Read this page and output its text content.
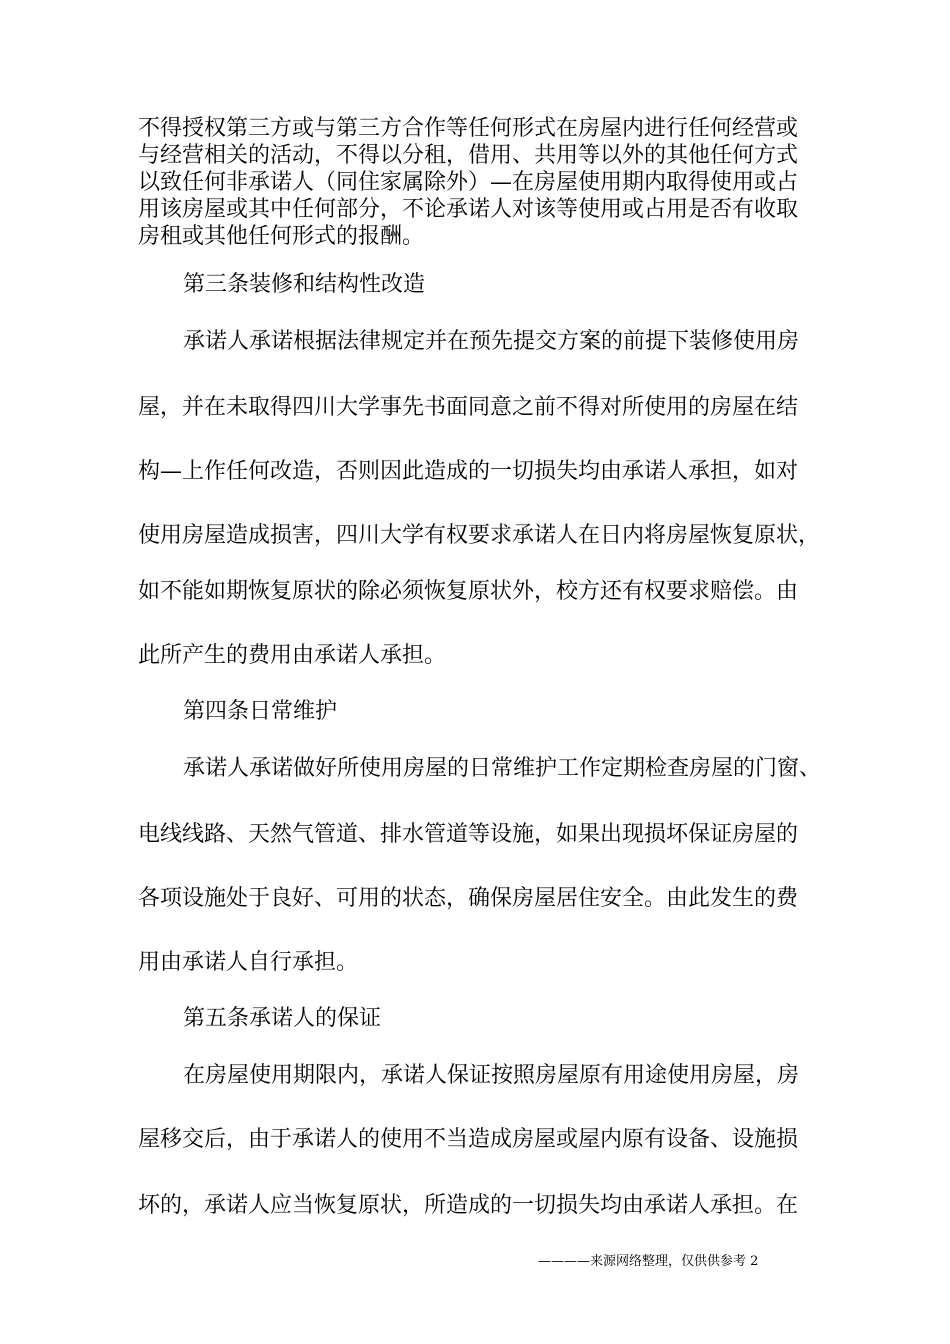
不得授权第三方或与第三方合作等任何形式在房屋内进行任何经营或
与经营相关的活动，不得以分租，借用、共用等以外的其他任何方式
以致任何非承诺人（同住家属除外）—在房屋使用期内取得使用或占
用该房屋或其中任何部分，不论承诺人对该等使用或占用是否有收取
房租或其他任何形式的报酬。
第三条装修和结构性改造
承诺人承诺根据法律规定并在预先提交方案的前提下装修使用房
屋，并在未取得四川大学事先书面同意之前不得对所使用的房屋在结
构—上作任何改造，否则因此造成的一切损失均由承诺人承担，如对
使用房屋造成损害，四川大学有权要求承诺人在日内将房屋恢复原状，
如不能如期恢复原状的除必须恢复原状外，校方还有权要求赔偿。由
此所产生的费用由承诺人承担。
第四条日常维护
承诺人承诺做好所使用房屋的日常维护工作定期检查房屋的门窗、
电线线路、天然气管道、排水管道等设施，如果出现损坏保证房屋的
各项设施处于良好、可用的状态，确保房屋居住安全。由此发生的费
用由承诺人自行承担。
第五条承诺人的保证
在房屋使用期限内，承诺人保证按照房屋原有用途使用房屋，房
屋移交后，由于承诺人的使用不当造成房屋或屋内原有设备、设施损
坏的，承诺人应当恢复原状，所造成的一切损失均由承诺人承担。在
————来源网络整理，仅供供参考 2
